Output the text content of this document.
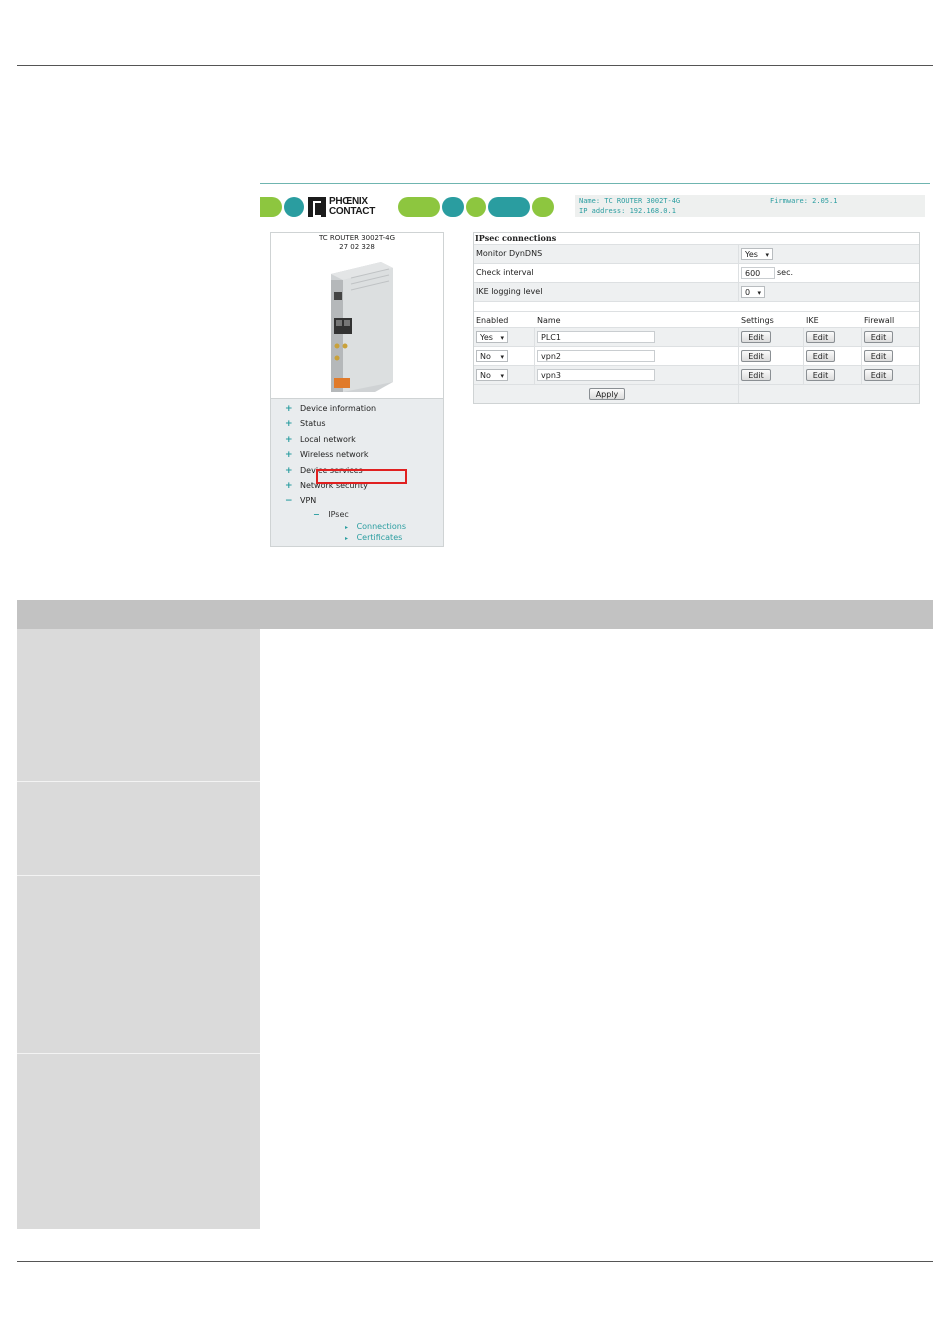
PHŒNIX
CONTACT
Name: TC ROUTER 3002T-4G
IP address: 192.168.0.1
Firmware: 2.05.1
TC ROUTER 3002T-4G
27 02 328
+ Device information
+ Status
+ Local network
+ Wireless network
+ Device services
+ Network security
− VPN
− IPsec
▸ Connections
▸ Certificates
IPsec connections
Monitor DynDNS	Yes ▾
Check interval	600	sec.
IKE logging level	0 ▾
Enabled	Name	Settings	IKE	Firewall
Yes ▾	PLC1	Edit	Edit	Edit
No ▾	vpn2	Edit	Edit	Edit
No ▾	vpn3	Edit	Edit	Edit
Apply
